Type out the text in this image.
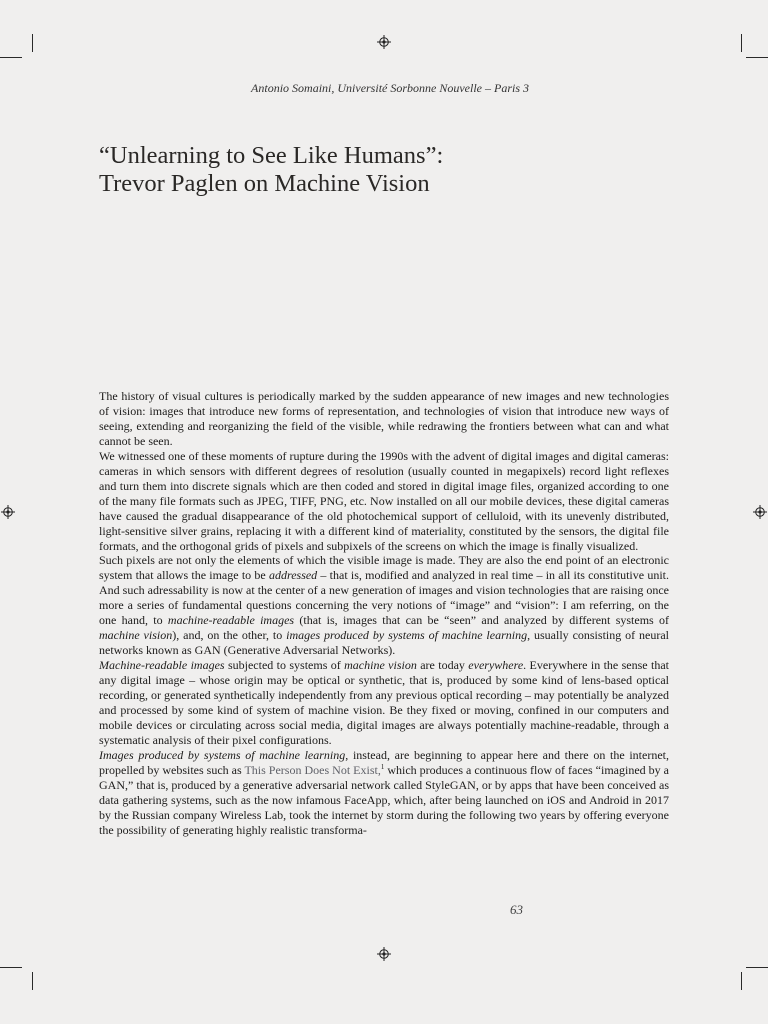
Antonio Somaini, Université Sorbonne Nouvelle – Paris 3
“Unlearning to See Like Humans”:
Trevor Paglen on Machine Vision

The history of visual cultures is periodically marked by the sudden appearance of new images and new technologies of vision: images that introduce new forms of representation, and technologies of vision that introduce new ways of seeing, extending and reorganizing the field of the visible, while redrawing the frontiers between what can and what cannot be seen.

We witnessed one of these moments of rupture during the 1990s with the advent of digital images and digital cameras: cameras in which sensors with different degrees of resolution (usually counted in megapixels) record light reflexes and turn them into discrete signals which are then coded and stored in digital image files, organized according to one of the many file formats such as JPEG, TIFF, PNG, etc. Now installed on all our mobile devices, these digital cameras have caused the gradual disappearance of the old photochemical support of celluloid, with its unevenly distributed, light-sensitive silver grains, replacing it with a different kind of materiality, constituted by the sensors, the digital file formats, and the orthogonal grids of pixels and subpixels of the screens on which the image is finally visualized.

Such pixels are not only the elements of which the visible image is made. They are also the end point of an electronic system that allows the image to be addressed – that is, modified and analyzed in real time – in all its constitutive unit. And such adressability is now at the center of a new generation of images and vision technologies that are raising once more a series of fundamental questions concerning the very notions of “image” and “vision”: I am referring, on the one hand, to machine-readable images (that is, images that can be “seen” and analyzed by different systems of machine vision), and, on the other, to images produced by systems of machine learning, usually consisting of neural networks known as GAN (Generative Adversarial Networks).

Machine-readable images subjected to systems of machine vision are today everywhere. Everywhere in the sense that any digital image – whose origin may be optical or synthetic, that is, produced by some kind of lens-based optical recording, or generated synthetically independently from any previous optical recording – may potentially be analyzed and processed by some kind of system of machine vision. Be they fixed or moving, confined in our computers and mobile devices or circulating across social media, digital images are always potentially machine-readable, through a systematic analysis of their pixel configurations.

Images produced by systems of machine learning, instead, are beginning to appear here and there on the internet, propelled by websites such as This Person Does Not Exist,$^1$ which produces a continuous flow of faces “imagined by a GAN,” that is, produced by a generative adversarial network called StyleGAN, or by apps that have been conceived as data gathering systems, such as the now infamous FaceApp, which, after being launched on iOS and Android in 2017 by the Russian company Wireless Lab, took the internet by storm during the following two years by offering everyone the possibility of generating highly realistic transforma-

63
